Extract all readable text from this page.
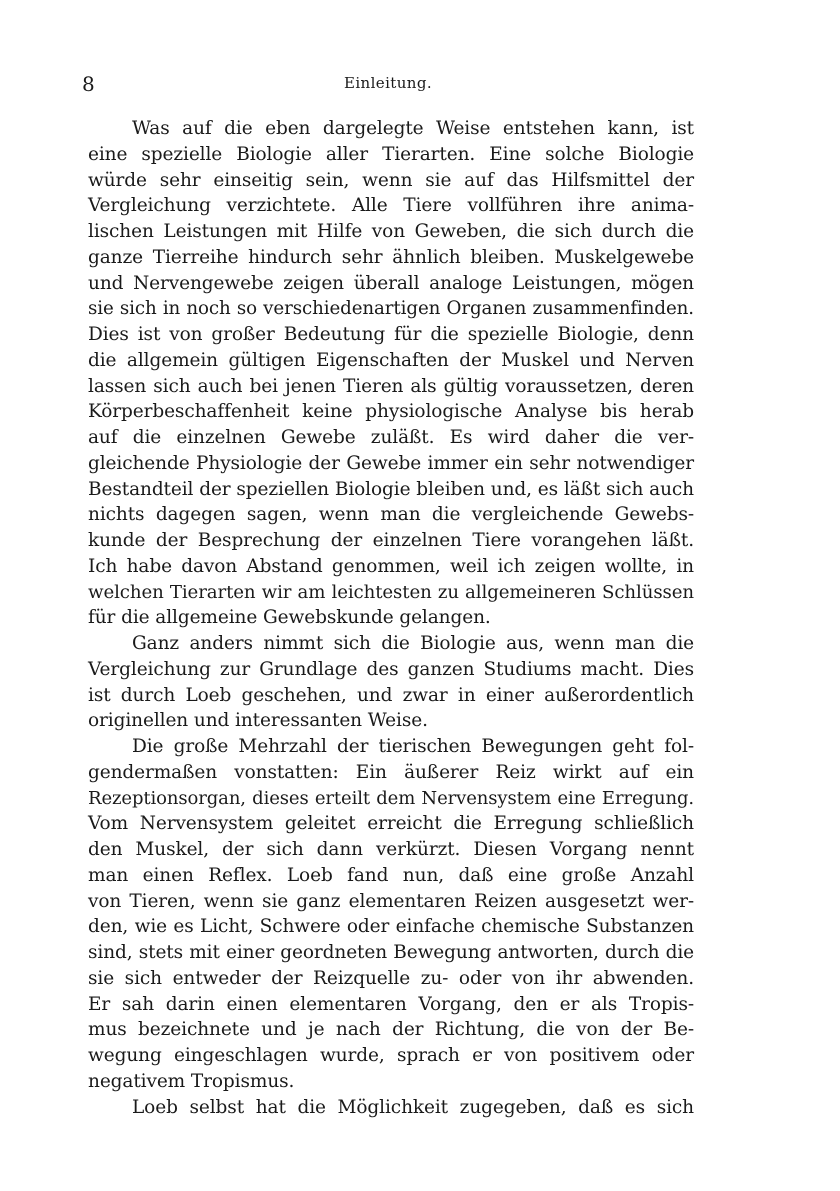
8	Einleitung.
Was auf die eben dargelegte Weise entstehen kann, ist
eine spezielle Biologie aller Tierarten. Eine solche Biologie
würde sehr einseitig sein, wenn sie auf das Hilfsmittel der
Vergleichung verzichtete. Alle Tiere vollführen ihre anima-
lischen Leistungen mit Hilfe von Geweben, die sich durch die
ganze Tierreihe hindurch sehr ähnlich bleiben. Muskelgewebe
und Nervengewebe zeigen überall analoge Leistungen, mögen
sie sich in noch so verschiedenartigen Organen zusammenfinden.
Dies ist von großer Bedeutung für die spezielle Biologie, denn
die allgemein gültigen Eigenschaften der Muskel und Nerven
lassen sich auch bei jenen Tieren als gültig voraussetzen, deren
Körperbeschaffenheit keine physiologische Analyse bis herab
auf die einzelnen Gewebe zuläßt. Es wird daher die ver-
gleichende Physiologie der Gewebe immer ein sehr notwendiger
Bestandteil der speziellen Biologie bleiben und, es läßt sich auch
nichts dagegen sagen, wenn man die vergleichende Gewebs-
kunde der Besprechung der einzelnen Tiere vorangehen läßt.
Ich habe davon Abstand genommen, weil ich zeigen wollte, in
welchen Tierarten wir am leichtesten zu allgemeineren Schlüssen
für die allgemeine Gewebskunde gelangen.
Ganz anders nimmt sich die Biologie aus, wenn man die
Vergleichung zur Grundlage des ganzen Studiums macht. Dies
ist durch Loeb geschehen, und zwar in einer außerordentlich
originellen und interessanten Weise.
Die große Mehrzahl der tierischen Bewegungen geht fol-
gendermaßen vonstatten: Ein äußerer Reiz wirkt auf ein
Rezeptionsorgan, dieses erteilt dem Nervensystem eine Erregung.
Vom Nervensystem geleitet erreicht die Erregung schließlich
den Muskel, der sich dann verkürzt. Diesen Vorgang nennt
man einen Reflex. Loeb fand nun, daß eine große Anzahl
von Tieren, wenn sie ganz elementaren Reizen ausgesetzt wer-
den, wie es Licht, Schwere oder einfache chemische Substanzen
sind, stets mit einer geordneten Bewegung antworten, durch die
sie sich entweder der Reizquelle zu- oder von ihr abwenden.
Er sah darin einen elementaren Vorgang, den er als Tropis-
mus bezeichnete und je nach der Richtung, die von der Be-
wegung eingeschlagen wurde, sprach er von positivem oder
negativem Tropismus.
Loeb selbst hat die Möglichkeit zugegeben, daß es sich
